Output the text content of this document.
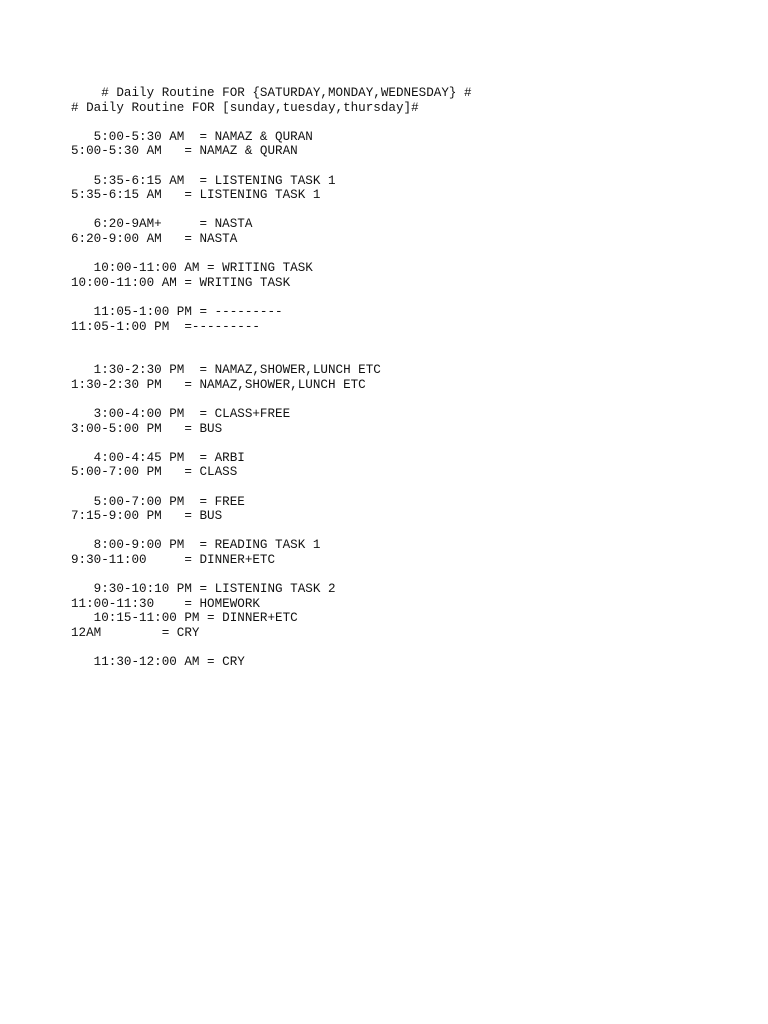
# Daily Routine FOR {SATURDAY,MONDAY,WEDNESDAY} #
# Daily Routine FOR [sunday,tuesday,thursday]#
5:00-5:30 AM  = NAMAZ & QURAN
5:00-5:30 AM   = NAMAZ & QURAN
5:35-6:15 AM  = LISTENING TASK 1
5:35-6:15 AM   = LISTENING TASK 1
6:20-9AM+     = NASTA
6:20-9:00 AM   = NASTA
10:00-11:00 AM = WRITING TASK
10:00-11:00 AM = WRITING TASK
11:05-1:00 PM = ---------
11:05-1:00 PM  =---------
1:30-2:30 PM  = NAMAZ,SHOWER,LUNCH ETC
1:30-2:30 PM   = NAMAZ,SHOWER,LUNCH ETC
3:00-4:00 PM  = CLASS+FREE
3:00-5:00 PM   = BUS
4:00-4:45 PM  = ARBI
5:00-7:00 PM   = CLASS
5:00-7:00 PM  = FREE
7:15-9:00 PM   = BUS
8:00-9:00 PM  = READING TASK 1
9:30-11:00     = DINNER+ETC
9:30-10:10 PM = LISTENING TASK 2
11:00-11:30    = HOMEWORK
10:15-11:00 PM = DINNER+ETC
12AM        = CRY
11:30-12:00 AM = CRY
